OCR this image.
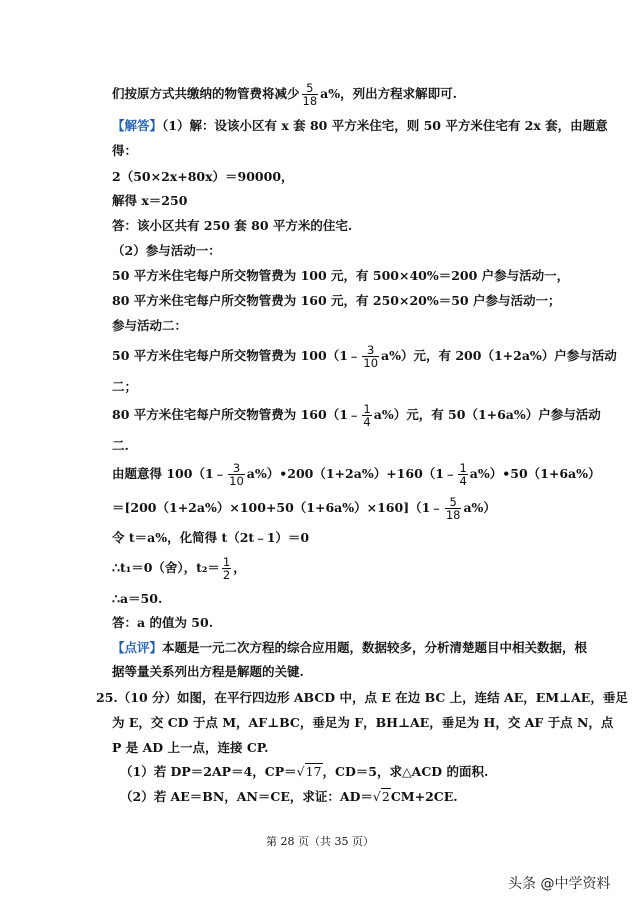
们按原方式共缴纳的物管费将减少 $\frac{5}{18} a\%$，列出方程求解即可.
【解答】（1）解：设该小区有 x 套 80 平方米住宅，则 50 平方米住宅有 2x 套，由题意
得：
2（50×2x+80x）＝90000，
解得 x＝250
答：该小区共有 250 套 80 平方米的住宅.
（2）参与活动一：
50 平方米住宅每户所交物管费为 100 元，有 500×40%＝200 户参与活动一，
80 平方米住宅每户所交物管费为 160 元，有 250×20%＝50 户参与活动一；
参与活动二：
50 平方米住宅每户所交物管费为 100（1﹣ $\frac{3}{10} a\%$）元，有 200（1+2a%）户参与活动
二；
80 平方米住宅每户所交物管费为 160（1﹣ $\frac{1}{4} a\%$）元，有 50（1+6a%）户参与活动
二.
由题意得 100（1﹣ $\frac{3}{10}$ a%）•200（1+2a%）+160（1﹣ $\frac{1}{4}$ a%）•50（1+6a%）
＝[200（1+2a%）×100+50（1+6a%）×160]（1﹣ $\frac{5}{18} a\%$）
令 t＝a%，化简得 t（2t﹣1）＝0
∴t₁＝0（舍），$t_2= \frac{1}{2}$ ，
∴a＝50.
答：a 的值为 50.
【点评】本题是一元二次方程的综合应用题，数据较多，分析清楚题目中相关数据，根
据等量关系列出方程是解题的关键.
25.（10 分）如图，在平行四边形 ABCD 中，点 E 在边 BC 上，连结 AE，EM⊥AE，垂足
为 E，交 CD 于点 M，AF⊥BC，垂足为 F，BH⊥AE，垂足为 H，交 AF 于点 N，点
P 是 AD 上一点，连接 CP.
（1）若 DP＝2AP＝4，CP＝√17，CD＝5，求△ACD 的面积.
（2）若 AE＝BN，AN＝CE，求证：AD＝√2CM+2CE.
第 28 页（共 35 页）
头条 @中学资料
